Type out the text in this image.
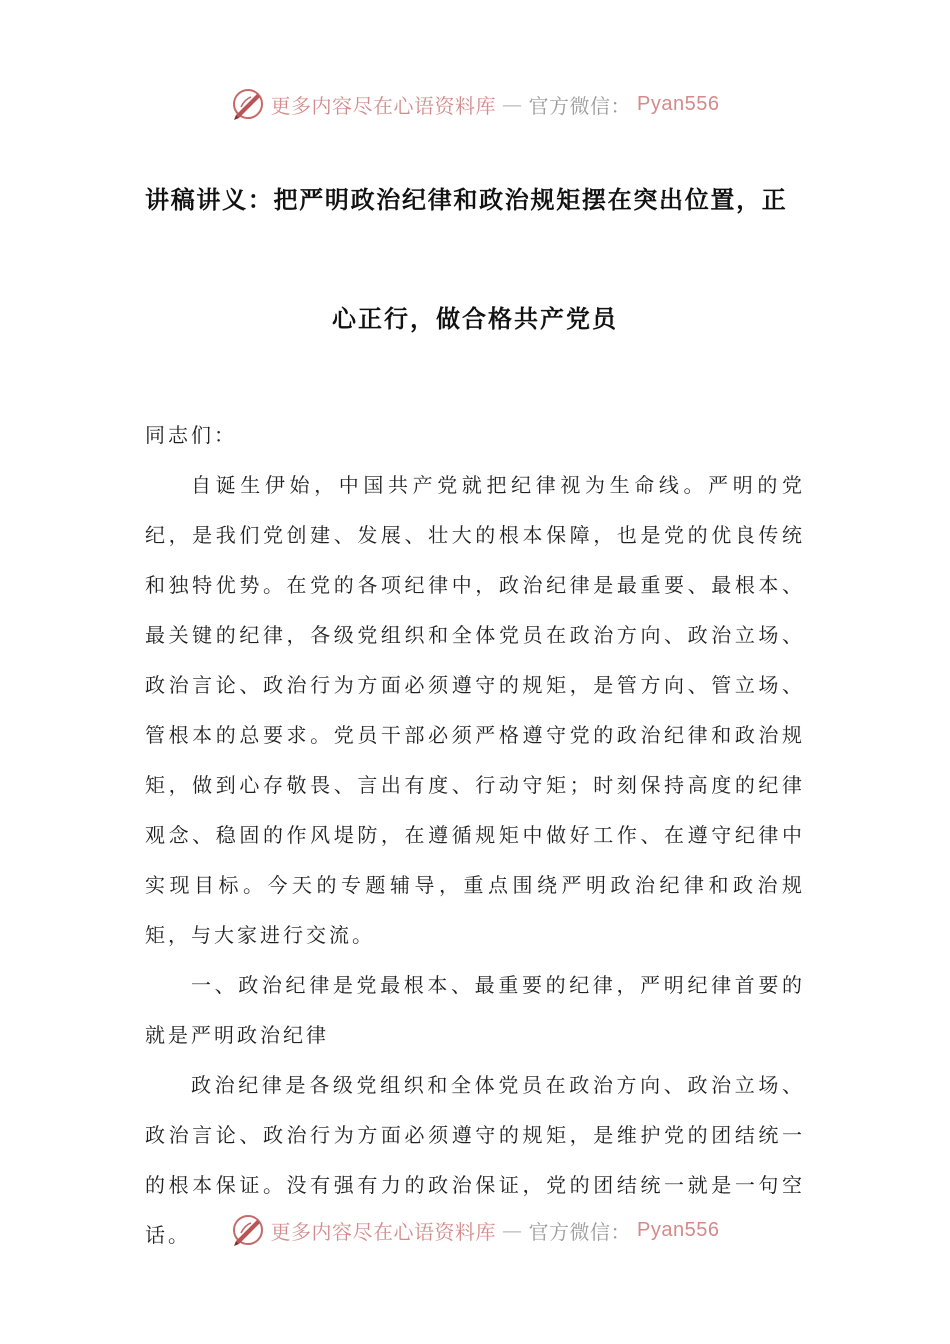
更多内容尽在心语资料库 — 官方微信： Pyan556
讲稿讲义：把严明政治纪律和政治规矩摆在突出位置，正
心正行，做合格共产党员

同志们：

自诞生伊始，中国共产党就把纪律视为生命线。严明的党纪，是我们党创建、发展、壮大的根本保障，也是党的优良传统和独特优势。在党的各项纪律中，政治纪律是最重要、最根本、最关键的纪律，各级党组织和全体党员在政治方向、政治立场、政治言论、政治行为方面必须遵守的规矩，是管方向、管立场、管根本的总要求。党员干部必须严格遵守党的政治纪律和政治规矩，做到心存敬畏、言出有度、行动守矩；时刻保持高度的纪律观念、稳固的作风堤防，在遵循规矩中做好工作、在遵守纪律中实现目标。今天的专题辅导，重点围绕严明政治纪律和政治规矩，与大家进行交流。

一、政治纪律是党最根本、最重要的纪律，严明纪律首要的就是严明政治纪律

政治纪律是各级党组织和全体党员在政治方向、政治立场、政治言论、政治行为方面必须遵守的规矩，是维护党的团结统一的根本保证。没有强有力的政治保证，党的团结统一就是一句空话。	更多内容尽在心语资料库 — 官方微信： Pyan556
